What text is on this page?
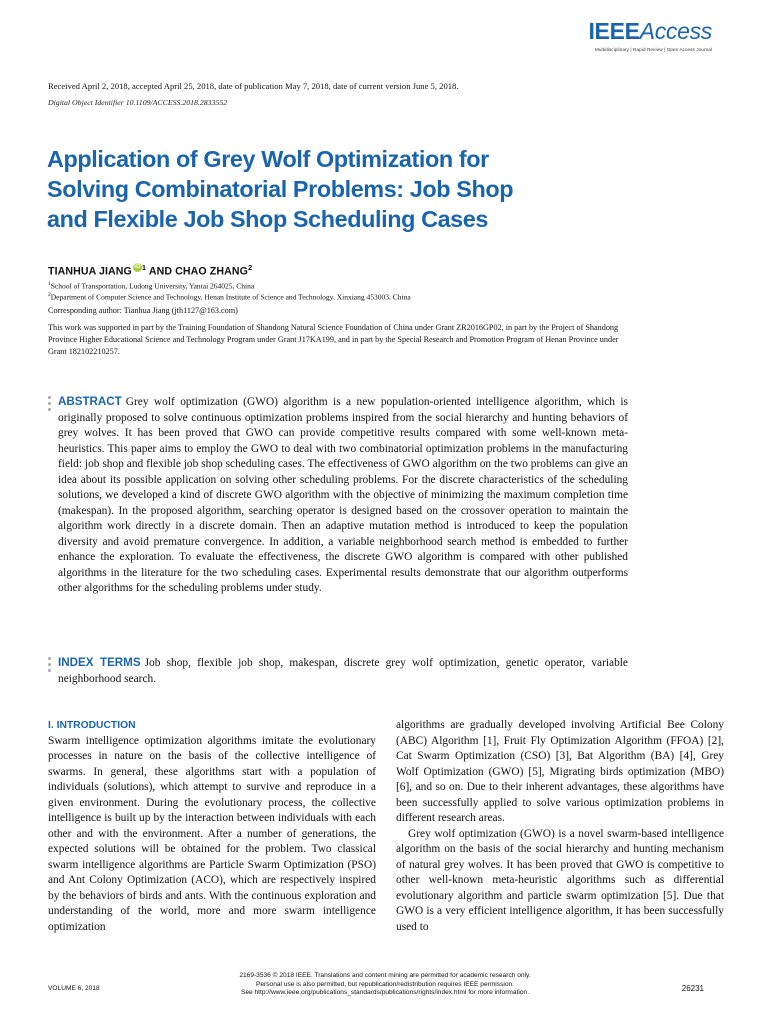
IEEEAccess
Multidisciplinary | Rapid Review | Open Access Journal
Received April 2, 2018, accepted April 25, 2018, date of publication May 7, 2018, date of current version June 5, 2018.
Digital Object Identifier 10.1109/ACCESS.2018.2833552
Application of Grey Wolf Optimization for
Solving Combinatorial Problems: Job Shop
and Flexible Job Shop Scheduling Cases
TIANHUA JIANG $iD^1$ AND CHAO ZHANG$^2$
$^1$School of Transportation, Ludong University, Yantai 264025, China
$^2$Department of Computer Science and Technology, Henan Institute of Science and Technology, Xinxiang 453003, China
Corresponding author: Tianhua Jiang (jth1127@163.com)
This work was supported in part by the Training Foundation of Shandong Natural Science Foundation of China under Grant ZR2016GP02, in part by the Project of Shandong Province Higher Educational Science and Technology Program under Grant J17KA199, and in part by the Special Research and Promotion Program of Henan Province under Grant 182102210257.
ABSTRACT Grey wolf optimization (GWO) algorithm is a new population-oriented intelligence algorithm, which is originally proposed to solve continuous optimization problems inspired from the social hierarchy and hunting behaviors of grey wolves. It has been proved that GWO can provide competitive results compared with some well-known meta-heuristics. This paper aims to employ the GWO to deal with two combinatorial optimization problems in the manufacturing field: job shop and flexible job shop scheduling cases. The effectiveness of GWO algorithm on the two problems can give an idea about its possible application on solving other scheduling problems. For the discrete characteristics of the scheduling solutions, we developed a kind of discrete GWO algorithm with the objective of minimizing the maximum completion time (makespan). In the proposed algorithm, searching operator is designed based on the crossover operation to maintain the algorithm work directly in a discrete domain. Then an adaptive mutation method is introduced to keep the population diversity and avoid premature convergence. In addition, a variable neighborhood search method is embedded to further enhance the exploration. To evaluate the effectiveness, the discrete GWO algorithm is compared with other published algorithms in the literature for the two scheduling cases. Experimental results demonstrate that our algorithm outperforms other algorithms for the scheduling problems under study.
INDEX TERMS Job shop, flexible job shop, makespan, discrete grey wolf optimization, genetic operator, variable neighborhood search.
I. INTRODUCTION

Swarm intelligence optimization algorithms imitate the evolutionary processes in nature on the basis of the collective intelligence of swarms. In general, these algorithms start with a population of individuals (solutions), which attempt to survive and reproduce in a given environment. During the evolutionary process, the collective intelligence is built up by the interaction between individuals with each other and with the environment. After a number of generations, the expected solutions will be obtained for the problem. Two classical swarm intelligence algorithms are Particle Swarm Optimization (PSO) and Ant Colony Optimization (ACO), which are respectively inspired by the behaviors of birds and ants. With the continuous exploration and understanding of the world, more and more swarm intelligence optimization

algorithms are gradually developed involving Artificial Bee Colony (ABC) Algorithm [1], Fruit Fly Optimization Algorithm (FFOA) [2], Cat Swarm Optimization (CSO) [3], Bat Algorithm (BA) [4], Grey Wolf Optimization (GWO) [5], Migrating birds optimization (MBO) [6], and so on. Due to their inherent advantages, these algorithms have been successfully applied to solve various optimization problems in different research areas.

Grey wolf optimization (GWO) is a novel swarm-based intelligence algorithm on the basis of the social hierarchy and hunting mechanism of natural grey wolves. It has been proved that GWO is competitive to other well-known meta-heuristic algorithms such as differential evolutionary algorithm and particle swarm optimization [5]. Due that GWO is a very efficient intelligence algorithm, it has been successfully used to

VOLUME 6, 2018
2169-3536 © 2018 IEEE. Translations and content mining are permitted for academic research only.
Personal use is also permitted, but republication/redistribution requires IEEE permission.
See http://www.ieee.org/publications_standards/publications/rights/index.html for more information.	26231
